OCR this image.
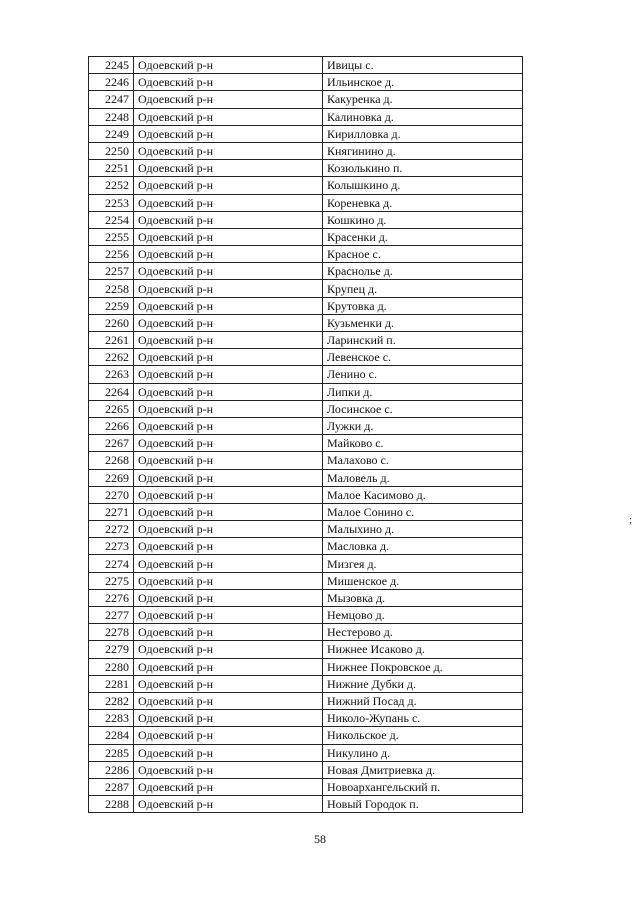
2245	Одоевский р-н	Ивицы с.
2246	Одоевский р-н	Ильинское д.
2247	Одоевский р-н	Какуренка д.
2248	Одоевский р-н	Калиновка д.
2249	Одоевский р-н	Кирилловка д.
2250	Одоевский р-н	Княгинино д.
2251	Одоевский р-н	Козюлькино п.
2252	Одоевский р-н	Колышкино д.
2253	Одоевский р-н	Кореневка д.
2254	Одоевский р-н	Кошкино д.
2255	Одоевский р-н	Красенки д.
2256	Одоевский р-н	Красное с.
2257	Одоевский р-н	Краснолье д.
2258	Одоевский р-н	Крупец д.
2259	Одоевский р-н	Крутовка д.
2260	Одоевский р-н	Кузьменки д.
2261	Одоевский р-н	Ларинский п.
2262	Одоевский р-н	Левенское с.
2263	Одоевский р-н	Ленино с.
2264	Одоевский р-н	Липки д.
2265	Одоевский р-н	Лосинское с.
2266	Одоевский р-н	Лужки д.
2267	Одоевский р-н	Майково с.
2268	Одоевский р-н	Малахово с.
2269	Одоевский р-н	Маловель д.
2270	Одоевский р-н	Малое Касимово д.
2271	Одоевский р-н	Малое Сонино с.
2272	Одоевский р-н	Малыхино д.
2273	Одоевский р-н	Масловка д.
2274	Одоевский р-н	Мизгея д.
2275	Одоевский р-н	Мишенское д.
2276	Одоевский р-н	Мызовка д.
2277	Одоевский р-н	Немцово д.
2278	Одоевский р-н	Нестерово д.
2279	Одоевский р-н	Нижнее Исаково д.
2280	Одоевский р-н	Нижнее Покровское д.
2281	Одоевский р-н	Нижние Дубки д.
2282	Одоевский р-н	Нижний Посад д.
2283	Одоевский р-н	Николо-Жупань с.
2284	Одоевский р-н	Никольское д.
2285	Одоевский р-н	Никулино д.
2286	Одоевский р-н	Новая Дмитриевка д.
2287	Одоевский р-н	Новоархангельский п.
2288	Одоевский р-н	Новый Городок п.
58
;
